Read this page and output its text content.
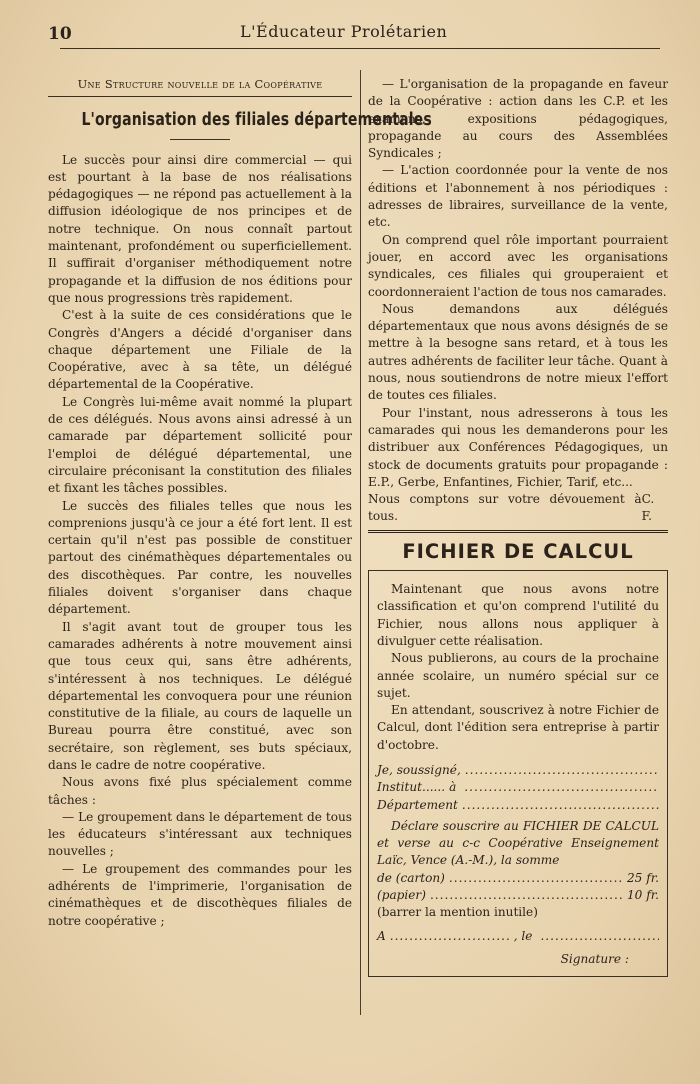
10	L'Éducateur Prolétarien
Une Structure nouvelle de la Coopérative
L'organisation des filiales départementales

Le succès pour ainsi dire commercial — qui est pourtant à la base de nos réalisations pédagogiques — ne répond pas actuellement à la diffusion idéologique de nos principes et de notre technique. On nous connaît partout maintenant, profondément ou superficiellement. Il suffirait d'organiser méthodiquement notre propagande et la diffusion de nos éditions pour que nous progressions très rapidement.

C'est à la suite de ces considérations que le Congrès d'Angers a décidé d'organiser dans chaque département une Filiale de la Coopérative, avec à sa tête, un délégué départemental de la Coopérative.

Le Congrès lui-même avait nommé la plupart de ces délégués. Nous avons ainsi adressé à un camarade par département sollicité pour l'emploi de délégué départemental, une circulaire préconisant la constitution des filiales et fixant les tâches possibles.

Le succès des filiales telles que nous les comprenions jusqu'à ce jour a été fort lent. Il est certain qu'il n'est pas possible de constituer partout des cinémathèques départementales ou des discothèques. Par contre, les nouvelles filiales doivent s'organiser dans chaque département.

Il s'agit avant tout de grouper tous les camarades adhérents à notre mouvement ainsi que tous ceux qui, sans être adhérents, s'intéressent à nos techniques. Le délégué départemental les convoquera pour une réunion constitutive de la filiale, au cours de laquelle un Bureau pourra être constitué, avec son secrétaire, son règlement, ses buts spéciaux, dans le cadre de notre coopérative.

Nous avons fixé plus spécialement comme tâches :

— Le groupement dans le département de tous les éducateurs s'intéressant aux techniques nouvelles ;

— Le groupement des commandes pour les adhérents de l'imprimerie, l'organisation de cinémathèques et de discothèques filiales de notre coopérative ;

— L'organisation de la propagande en faveur de la Coopérative : action dans les C.P. et les examens, expositions pédagogiques, propagande au cours des Assemblées Syndicales ;

— L'action coordonnée pour la vente de nos éditions et l'abonnement à nos périodiques : adresses de libraires, surveillance de la vente, etc.

On comprend quel rôle important pourraient jouer, en accord avec les organisations syndicales, ces filiales qui grouperaient et coordonneraient l'action de tous nos camarades.

Nous demandons aux délégués départementaux que nous avons désignés de se mettre à la besogne sans retard, et à tous les autres adhérents de faciliter leur tâche. Quant à nous, nous soutiendrons de notre mieux l'effort de toutes ces filiales.

Pour l'instant, nous adresserons à tous les camarades qui nous les demanderons pour les distribuer aux Conférences Pédagogiques, un stock de documents gratuits pour propagande : E.P., Gerbe, Enfantines, Fichier, Tarif, etc...

Nous comptons sur votre dévouement à tous.
C. F.

FICHIER DE CALCUL

Maintenant que nous avons notre classification et qu'on comprend l'utilité du Fichier, nous allons nous appliquer à divulguer cette réalisation.

Nous publierons, au cours de la prochaine année scolaire, un numéro spécial sur ce sujet.

En attendant, souscrivez à notre Fichier de Calcul, dont l'édition sera entreprise à partir d'octobre.

Je, soussigné,
.....
Institut...... à
.....
Département
.....

Déclare souscrire au FICHIER DE CALCUL et verse au c-c Coopérative Enseignement Laïc, Vence (A.-M.), la somme

de (carton) .....	25 fr.
(papier) .....	10 fr.
(barrer la mention inutile)
A .....	, le
.....
Signature :
